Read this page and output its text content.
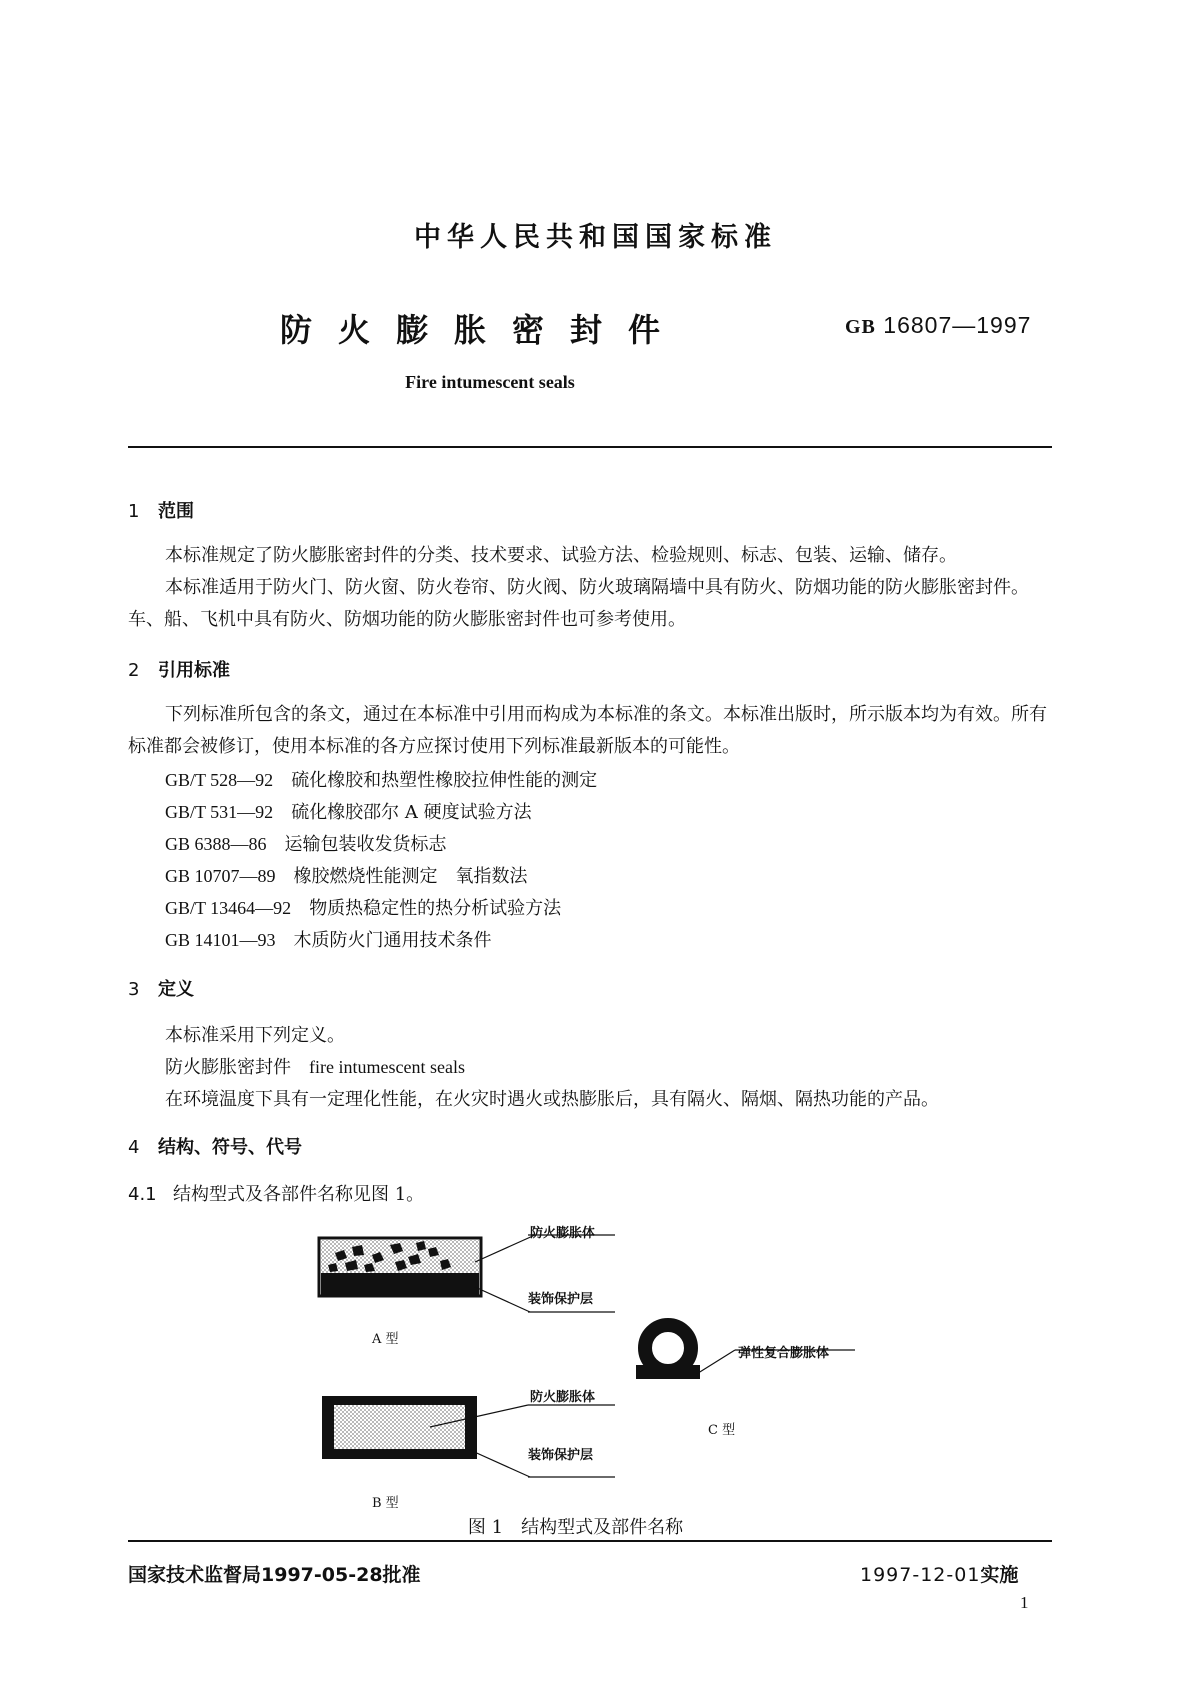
中华人民共和国国家标准
防火膨胀密封件	GB 16807—1997
Fire intumescent seals
1 范围
本标准规定了防火膨胀密封件的分类、技术要求、试验方法、检验规则、标志、包装、运输、储存。
本标准适用于防火门、防火窗、防火卷帘、防火阀、防火玻璃隔墙中具有防火、防烟功能的防火膨胀密封件。车、船、飞机中具有防火、防烟功能的防火膨胀密封件也可参考使用。
2 引用标准
下列标准所包含的条文，通过在本标准中引用而构成为本标准的条文。本标准出版时，所示版本均为有效。所有标准都会被修订，使用本标准的各方应探讨使用下列标准最新版本的可能性。
GB/T 528—92　 硫化橡胶和热塑性橡胶拉伸性能的测定
GB/T 531—92　 硫化橡胶邵尔 A 硬度试验方法
GB 6388—86　 运输包装收发货标志
GB 10707—89　 橡胶燃烧性能测定　氧指数法
GB/T 13464—92　 物质热稳定性的热分析试验方法
GB 14101—93　 木质防火门通用技术条件
3 定义
本标准采用下列定义。
防火膨胀密封件　 fire intumescent seals
在环境温度下具有一定理化性能，在火灾时遇火或热膨胀后，具有隔火、隔烟、隔热功能的产品。
4 结构、符号、代号
4.1 结构型式及各部件名称见图 1。
防火膨胀体
装饰保护层
A 型
弹性复合膨胀体
C 型
防火膨胀体
装饰保护层
B 型
图 1　 结构型式及部件名称
国家技术监督局1997-05-28批准	1997-12-01实施
1
